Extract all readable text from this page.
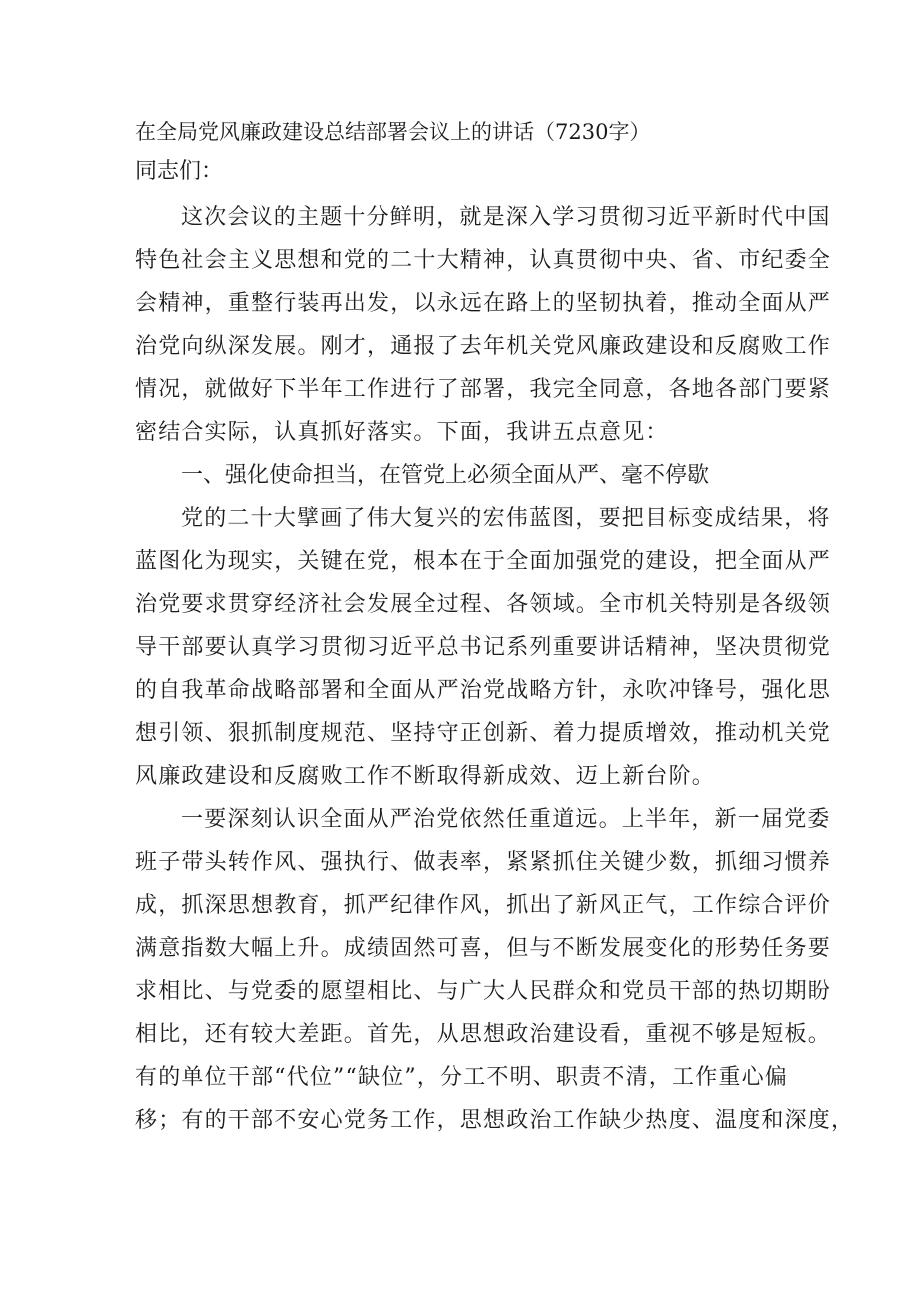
在全局党风廉政建设总结部署会议上的讲话（7230字）
同志们：
这次会议的主题十分鲜明，就是深入学习贯彻习近平新时代中国
特色社会主义思想和党的二十大精神，认真贯彻中央、省、市纪委全
会精神，重整行装再出发，以永远在路上的坚韧执着，推动全面从严
治党向纵深发展。刚才，通报了去年机关党风廉政建设和反腐败工作
情况，就做好下半年工作进行了部署，我完全同意，各地各部门要紧
密结合实际，认真抓好落实。下面，我讲五点意见：
一、强化使命担当，在管党上必须全面从严、毫不停歇
党的二十大擘画了伟大复兴的宏伟蓝图，要把目标变成结果，将
蓝图化为现实，关键在党，根本在于全面加强党的建设，把全面从严
治党要求贯穿经济社会发展全过程、各领域。全市机关特别是各级领
导干部要认真学习贯彻习近平总书记系列重要讲话精神，坚决贯彻党
的自我革命战略部署和全面从严治党战略方针，永吹冲锋号，强化思
想引领、狠抓制度规范、坚持守正创新、着力提质增效，推动机关党
风廉政建设和反腐败工作不断取得新成效、迈上新台阶。
一要深刻认识全面从严治党依然任重道远。上半年，新一届党委
班子带头转作风、强执行、做表率，紧紧抓住关键少数，抓细习惯养
成，抓深思想教育，抓严纪律作风，抓出了新风正气，工作综合评价
满意指数大幅上升。成绩固然可喜，但与不断发展变化的形势任务要
求相比、与党委的愿望相比、与广大人民群众和党员干部的热切期盼
相比，还有较大差距。首先，从思想政治建设看，重视不够是短板。
有的单位干部“代位”“缺位”，分工不明、职责不清，工作重心偏
移；有的干部不安心党务工作，思想政治工作缺少热度、温度和深度，
